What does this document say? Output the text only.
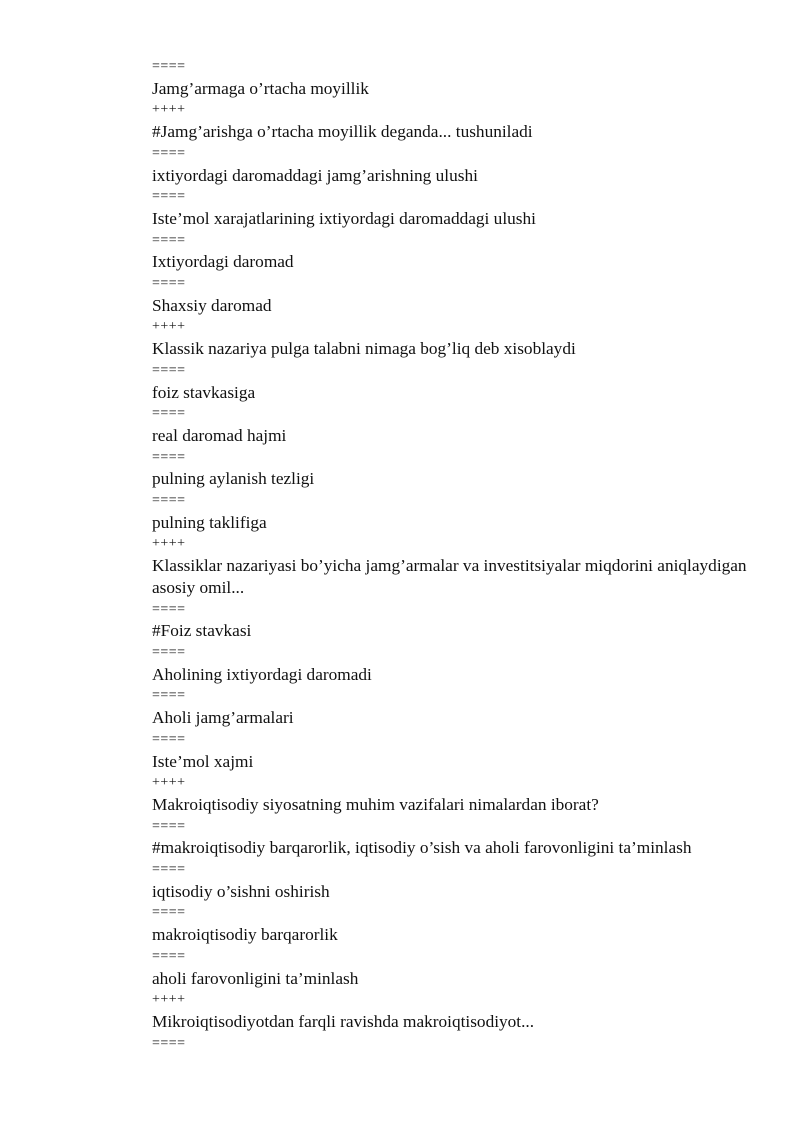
====
Jamg’armaga o’rtacha moyillik
++++
#Jamg’arishga o’rtacha moyillik deganda... tushuniladi
====
ixtiyordagi daromaddagi jamg’arishning ulushi
====
Iste’mol xarajatlarining ixtiyordagi daromaddagi ulushi
====
Ixtiyordagi daromad
====
Shaxsiy daromad
++++
Klassik nazariya pulga talabni nimaga bog’liq deb xisoblaydi
====
foiz stavkasiga
====
real daromad hajmi
====
pulning aylanish tezligi
====
pulning taklifiga
++++
Klassiklar nazariyasi bo’yicha jamg’armalar va investitsiyalar miqdorini aniqlaydigan asosiy omil...
====
#Foiz stavkasi
====
Aholining ixtiyordagi daromadi
====
Aholi jamg’armalari
====
Iste’mol xajmi
++++
Makroiqtisodiy siyosatning muhim vazifalari nimalardan iborat?
====
#makroiqtisodiy barqarorlik, iqtisodiy o’sish va aholi farovonligini ta’minlash
====
iqtisodiy o’sishni oshirish
====
makroiqtisodiy barqarorlik
====
aholi farovonligini ta’minlash
++++
Mikroiqtisodiyotdan farqli ravishda makroiqtisodiyot...
====
